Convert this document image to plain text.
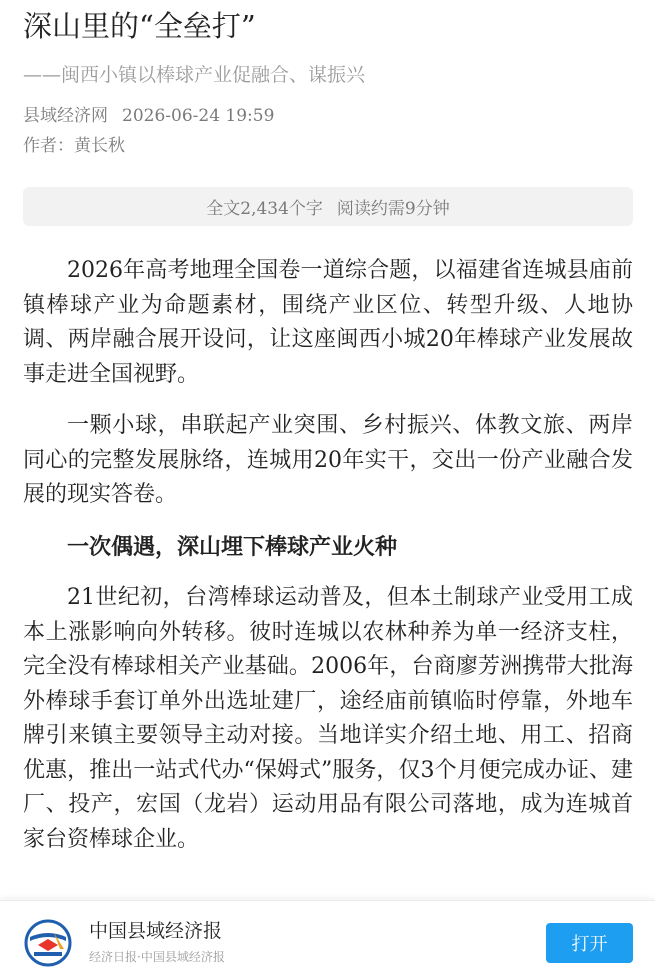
深山里的“全垒打”
——闽西小镇以棒球产业促融合、谋振兴
县域经济网 2026-06-24 19:59
作者：黄长秋
全文2,434个字 阅读约需9分钟

2026年高考地理全国卷一道综合题，以福建省连城县庙前镇棒球产业为命题素材，围绕产业区位、转型升级、人地协调、两岸融合展开设问，让这座闽西小城20年棒球产业发展故事走进全国视野。

一颗小球，串联起产业突围、乡村振兴、体教文旅、两岸同心的完整发展脉络，连城用20年实干，交出一份产业融合发展的现实答卷。

一次偶遇，深山埋下棒球产业火种

21世纪初，台湾棒球运动普及，但本土制球产业受用工成本上涨影响向外转移。彼时连城以农林种养为单一经济支柱，完全没有棒球相关产业基础。2006年，台商廖芳洲携带大批海外棒球手套订单外出选址建厂，途经庙前镇临时停靠，外地车牌引来镇主要领导主动对接。当地详实介绍土地、用工、招商优惠，推出一站式代办“保姆式”服务，仅3个月便完成办证、建厂、投产，宏国（龙岩）运动用品有限公司落地，成为连城首家台资棒球企业。

中国县域经济报
经济日报·中国县域经济报
打开
